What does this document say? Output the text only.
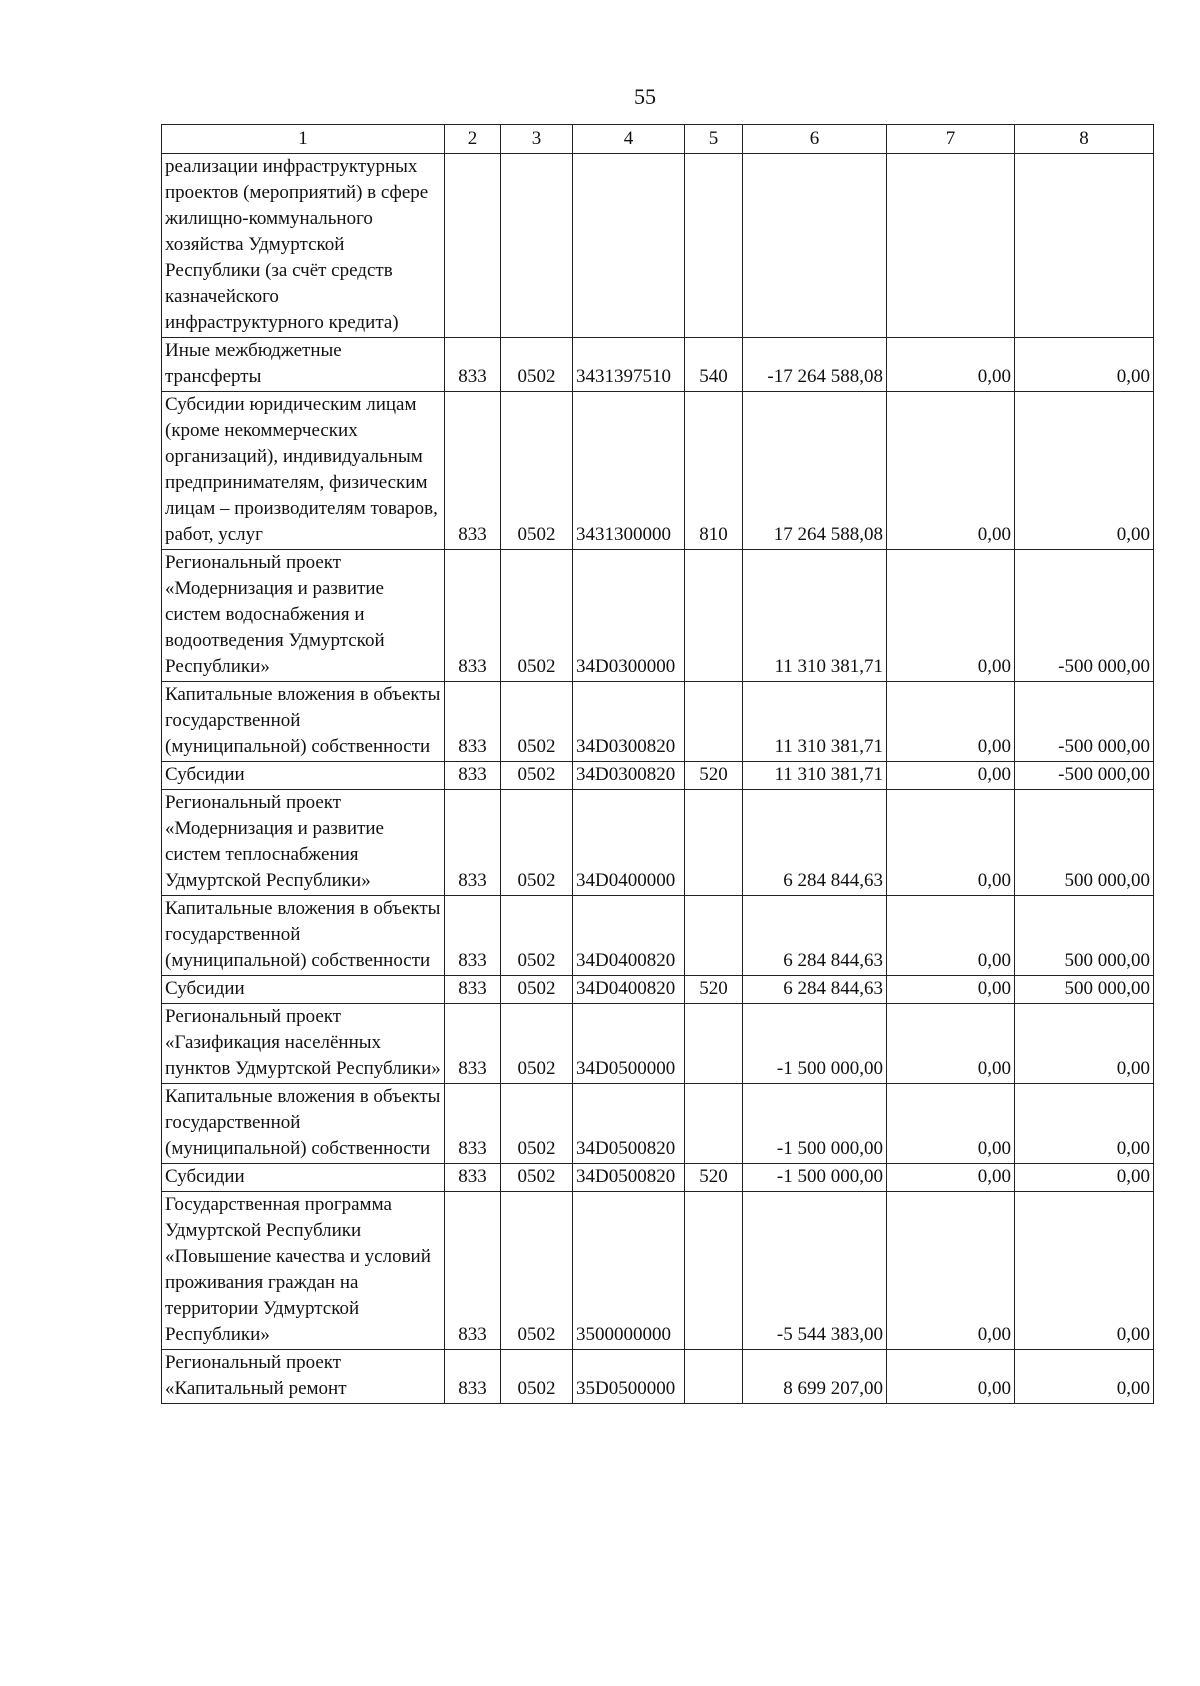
55
1	2	3	4	5	6	7	8
реализации инфраструктурных проектов (мероприятий) в сфере жилищно-коммунального хозяйства Удмуртской Республики (за счёт средств казначейского инфраструктурного кредита)							
Иные межбюджетные трансферты	833	0502	3431397510	540	-17 264 588,08	0,00	0,00
Субсидии юридическим лицам (кроме некоммерческих организаций), индивидуальным предпринимателям, физическим лицам – производителям товаров, работ, услуг	833	0502	3431300000	810	17 264 588,08	0,00	0,00
Региональный проект «Модернизация и развитие систем водоснабжения и водоотведения Удмуртской Республики»	833	0502	34D0300000		11 310 381,71	0,00	-500 000,00
Капитальные вложения в объекты государственной (муниципальной) собственности	833	0502	34D0300820		11 310 381,71	0,00	-500 000,00
Субсидии	833	0502	34D0300820	520	11 310 381,71	0,00	-500 000,00
Региональный проект «Модернизация и развитие систем теплоснабжения Удмуртской Республики»	833	0502	34D0400000		6 284 844,63	0,00	500 000,00
Капитальные вложения в объекты государственной (муниципальной) собственности	833	0502	34D0400820		6 284 844,63	0,00	500 000,00
Субсидии	833	0502	34D0400820	520	6 284 844,63	0,00	500 000,00
Региональный проект «Газификация населённых пунктов Удмуртской Республики»	833	0502	34D0500000		-1 500 000,00	0,00	0,00
Капитальные вложения в объекты государственной (муниципальной) собственности	833	0502	34D0500820		-1 500 000,00	0,00	0,00
Субсидии	833	0502	34D0500820	520	-1 500 000,00	0,00	0,00
Государственная программа Удмуртской Республики «Повышение качества и условий проживания граждан на территории Удмуртской Республики»	833	0502	3500000000		-5 544 383,00	0,00	0,00
Региональный проект «Капитальный ремонт	833	0502	35D0500000		8 699 207,00	0,00	0,00
